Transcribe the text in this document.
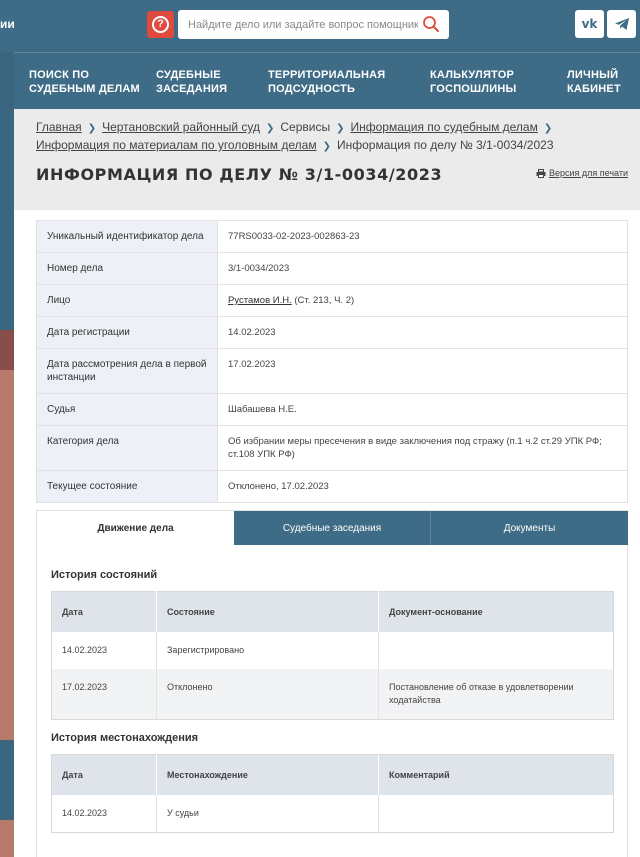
ии	?
Найдите дело или задайте вопрос помощнику	vk
ПОИСК ПО
СУДЕБНЫМ ДЕЛАМ
СУДЕБНЫЕ
ЗАСЕДАНИЯ
ТЕРРИТОРИАЛЬНАЯ
ПОДСУДНОСТЬ
КАЛЬКУЛЯТОР
ГОСПОШЛИНЫ
ЛИЧНЫЙ
КАБИНЕТ
Главная ❯ Чертановский районный суд ❯ Сервисы ❯ Информация по судебным делам ❯Информация по материалам по уголовным делам ❯ Информация по делу № 3/1-0034/2023
ИНФОРМАЦИЯ ПО ДЕЛУ № 3/1-0034/2023	Версия для печати
Уникальный идентификатор дела	77RS0033-02-2023-002863-23
Номер дела	3/1-0034/2023
Лицо	Рустамов И.Н. (Ст. 213, Ч. 2)
Дата регистрации	14.02.2023
Дата рассмотрения дела в первой инстанции	17.02.2023
Судья	Шабашева Н.Е.
Категория дела	Об избрании меры пресечения в виде заключения под стражу (п.1 ч.2 ст.29 УПК РФ; ст.108 УПК РФ)
Текущее состояние	Отклонено, 17.02.2023
Движение дела	Судебные заседания	Документы
История состояний
Дата	Состояние	Документ-основание
14.02.2023	Зарегистрировано	
17.02.2023	Отклонено	Постановление об отказе в удовлетворении ходатайства
История местонахождения
Дата	Местонахождение	Комментарий
14.02.2023	У судьи	
